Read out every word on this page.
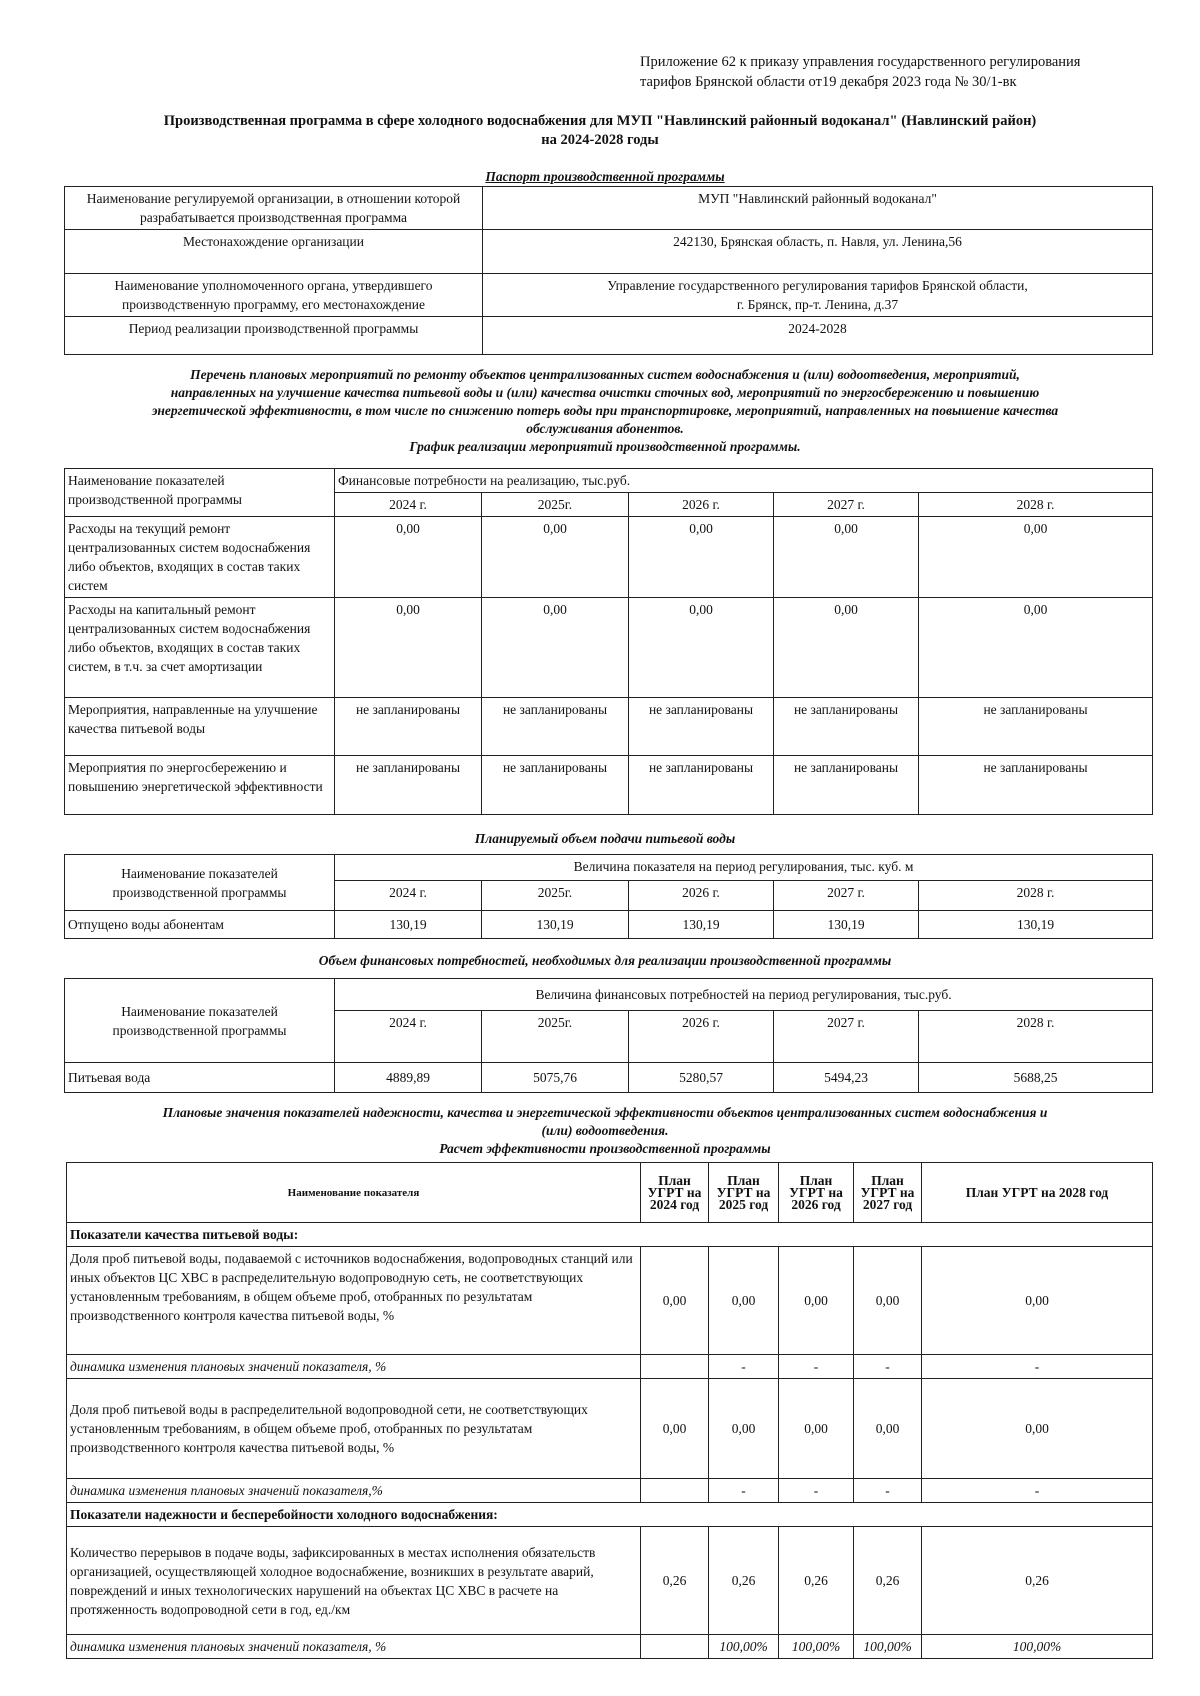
Приложение 62 к приказу управления государственного регулирования
тарифов Брянской области от19 декабря 2023 года № 30/1-вк
Производственная программа в сфере холодного водоснабжения для МУП "Навлинский районный водоканал" (Навлинский район)
на 2024-2028 годы
Паспорт производственной программы
Наименование регулируемой организации, в отношении которой разрабатывается производственная программа	МУП "Навлинский районный водоканал"
Местонахождение организации	242130, Брянская область, п. Навля, ул. Ленина,56
Наименование уполномоченного органа, утвердившего производственную программу, его местонахождение	Управление государственного регулирования тарифов Брянской области,
г. Брянск, пр-т. Ленина, д.37

Период реализации производственной программы	2024-2028
Перечень плановых мероприятий по ремонту объектов централизованных систем водоснабжения и (или) водоотведения, мероприятий,
направленных на улучшение качества питьевой воды и (или) качества очистки сточных вод, мероприятий по энергосбережению и повышению
энергетической эффективности, в том числе по снижению потерь воды при транспортировке, мероприятий, направленных на повышение качества
обслуживания абонентов.
График реализации мероприятий производственной программы.
Наименование показателей производственной программы	Финансовые потребности на реализацию, тыс.руб.				
	2024 г.	2025г.	2026 г.	2027 г.	2028 г.
Расходы на текущий ремонт централизованных систем водоснабжения либо объектов, входящих в состав таких систем	0,00	0,00	0,00	0,00	0,00
Расходы на капитальный ремонт централизованных систем водоснабжения либо объектов, входящих в состав таких систем, в т.ч. за счет амортизации	0,00	0,00	0,00	0,00	0,00
Мероприятия, направленные на улучшение качества питьевой воды	не запланированы	не запланированы	не запланированы	не запланированы	не запланированы
Мероприятия по энергосбережению и повышению энергетической эффективности	не запланированы	не запланированы	не запланированы	не запланированы	не запланированы
Планируемый объем подачи питьевой воды
Наименование показателей производственной программы	Величина показателя на период регулирования, тыс. куб. м				
	2024 г.	2025г.	2026 г.	2027 г.	2028 г.
Отпущено воды абонентам	130,19	130,19	130,19	130,19	130,19
Объем финансовых потребностей, необходимых для реализации производственной программы
Наименование показателей производственной программы	Величина финансовых потребностей на период регулирования, тыс.руб.				
	2024 г.	2025г.	2026 г.	2027 г.	2028 г.
Питьевая вода	4889,89	5075,76	5280,57	5494,23	5688,25
Плановые значения показателей надежности, качества и энергетической эффективности объектов централизованных систем водоснабжения и
(или) водоотведения.
Расчет эффективности производственной программы
Наименование показателя	План УГРТ на 2024 год	План УГРТ на 2025 год	План УГРТ на 2026 год	План УГРТ на 2027 год	План УГРТ на 2028 год
Показатели качества питьевой воды:					
Доля проб питьевой воды, подаваемой с источников водоснабжения, водопроводных станций или иных объектов ЦС ХВС в распределительную водопроводную сеть, не соответствующих установленным требованиям, в общем объеме проб, отобранных по результатам производственного контроля качества питьевой воды, %	0,00	0,00	0,00	0,00	0,00
динамика изменения плановых значений показателя, %		-	-	-	-
Доля проб питьевой воды в распределительной водопроводной сети, не соответствующих установленным требованиям, в общем объеме проб, отобранных по результатам производственного контроля качества питьевой воды, %	0,00	0,00	0,00	0,00	0,00
динамика изменения плановых значений показателя,%		-	-	-	-
Показатели надежности и бесперебойности холодного водоснабжения:					
Количество перерывов в подаче воды, зафиксированных в местах исполнения обязательств организацией, осуществляющей холодное водоснабжение, возникших в результате аварий, повреждений и иных технологических нарушений на объектах ЦС ХВС в расчете на протяженность водопроводной сети в год, ед./км	0,26	0,26	0,26	0,26	0,26
динамика изменения плановых значений показателя, %		100,00%	100,00%	100,00%	100,00%
